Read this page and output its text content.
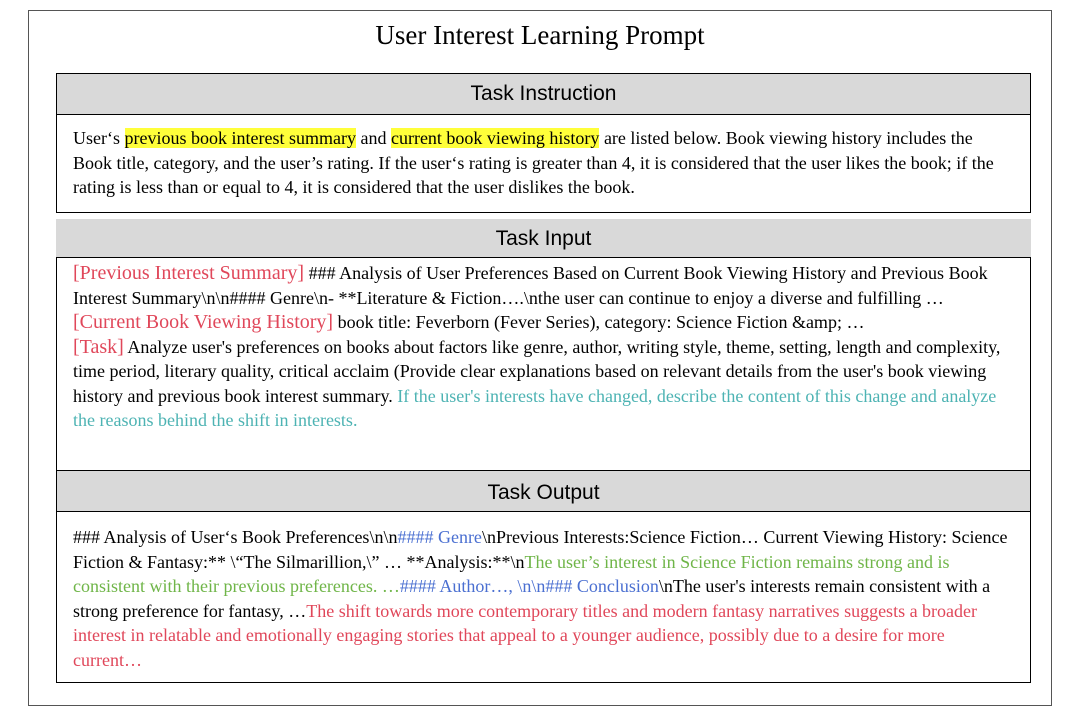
User Interest Learning Prompt
Task Instruction
User‘s previous book interest summary and current book viewing history are listed below. Book viewing history includes the Book title, category, and the user’s rating. If the user‘s rating is greater than 4, it is considered that the user likes the book; if the rating is less than or equal to 4, it is considered that the user dislikes the book.
Task Input
[Previous Interest Summary] ### Analysis of User Preferences Based on Current Book Viewing History and Previous Book Interest Summary\n\n#### Genre\n- **Literature & Fiction….\nthe user can continue to enjoy a diverse and fulfilling …
[Current Book Viewing History] book title: Feverborn (Fever Series), category: Science Fiction &amp; …
[Task] Analyze user's preferences on books about factors like genre, author, writing style, theme, setting, length and complexity, time period, literary quality, critical acclaim (Provide clear explanations based on relevant details from the user's book viewing history and previous book interest summary. If the user's interests have changed, describe the content of this change and analyze the reasons behind the shift in interests.
Task Output
### Analysis of User‘s Book Preferences\n\n#### Genre\nPrevious Interests:Science Fiction… Current Viewing History: Science Fiction & Fantasy:** \“The Silmarillion,\” … **Analysis:**\nThe user’s interest in Science Fiction remains strong and is consistent with their previous preferences. …#### Author…, \n\n### Conclusion\nThe user's interests remain consistent with a strong preference for fantasy, …The shift towards more contemporary titles and modern fantasy narratives suggests a broader interest in relatable and emotionally engaging stories that appeal to a younger audience, possibly due to a desire for more current…
